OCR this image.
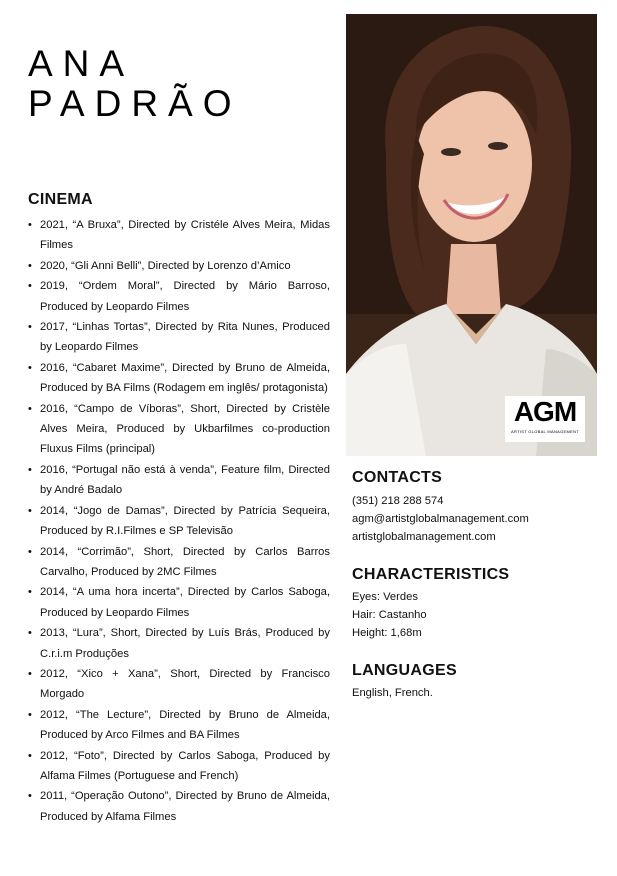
ANA
PADRÃO
CINEMA
• 2021, “A Bruxa”, Directed by Cristéle Alves Meira, Midas Filmes
• 2020, “Gli Anni Belli”, Directed by Lorenzo d’Amico
• 2019, “Ordem Moral”, Directed by Mário Barroso, Produced by Leopardo Filmes
• 2017, “Linhas Tortas”, Directed by Rita Nunes, Produced by Leopardo Filmes
• 2016, “Cabaret Maxime”, Directed by Bruno de Almeida, Produced by BA Films (Rodagem em inglês/ protagonista)
• 2016, “Campo de Víboras”, Short, Directed by Cristèle Alves Meira, Produced by Ukbarfilmes co-production Fluxus Films (principal)
• 2016, “Portugal não está à venda”, Feature film, Directed by André Badalo
• 2014, “Jogo de Damas”, Directed by Patrícia Sequeira, Produced by R.I.Filmes e SP Televisão
• 2014, “Corrimão”, Short, Directed by Carlos Barros Carvalho, Produced by 2MC Filmes
• 2014, “A uma hora incerta”, Directed by Carlos Saboga, Produced by Leopardo Filmes
• 2013, “Lura”, Short, Directed by Luís Brás, Produced by C.r.i.m Produções
• 2012, “Xico + Xana”, Short, Directed by Francisco Morgado
• 2012, “The Lecture”, Directed by Bruno de Almeida, Produced by Arco Filmes and BA Filmes
• 2012, “Foto”, Directed by Carlos Saboga, Produced by Alfama Filmes (Portuguese and French)
• 2011, “Operação Outono”, Directed by Bruno de Almeida, Produced by Alfama Filmes
AGM
ARTIST GLOBAL MANAGEMENT
CONTACTS
(351) 218 288 574
agm@artistglobalmanagement.com
artistglobalmanagement.com
CHARACTERISTICS
Eyes: Verdes
Hair: Castanho
Height: 1,68m
LANGUAGES
English, French.
